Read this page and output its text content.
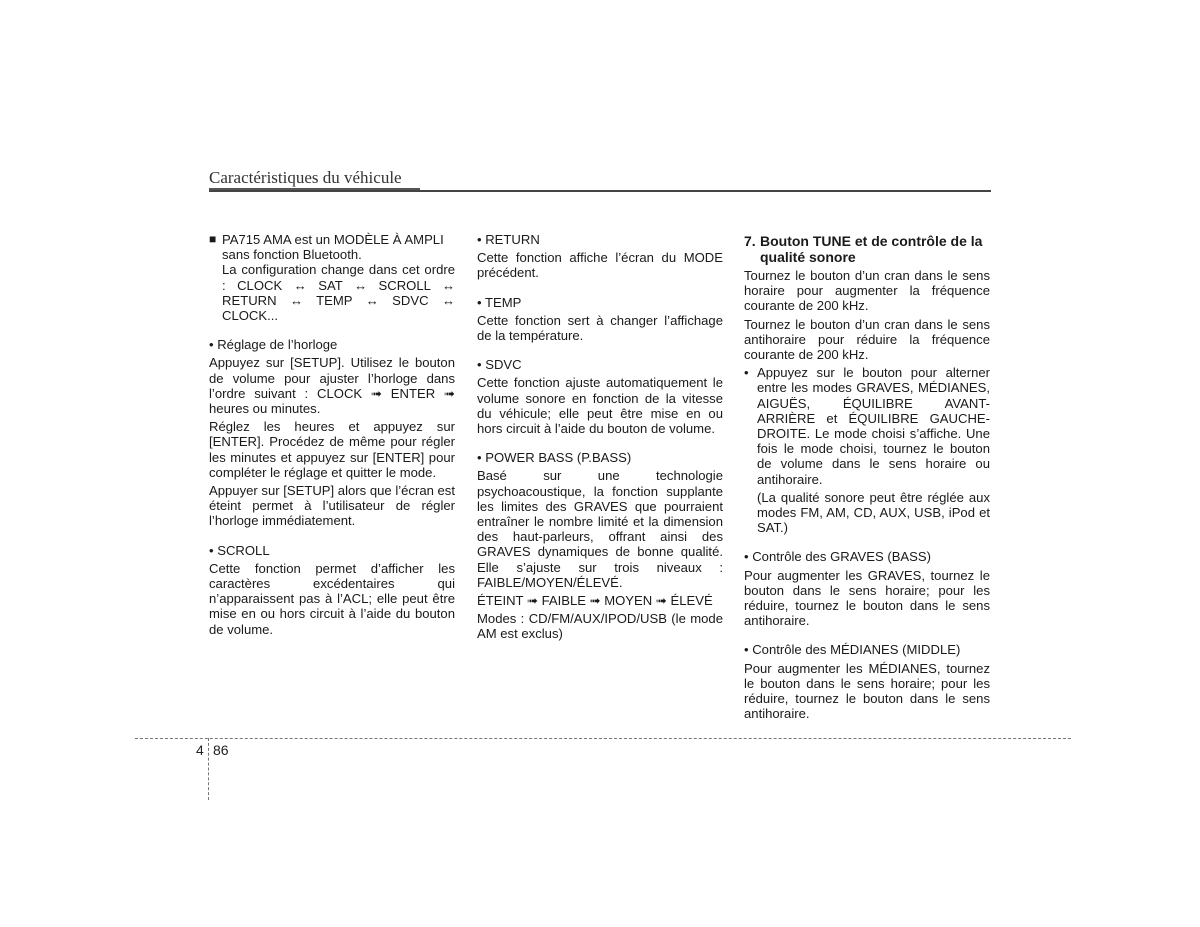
Caractéristiques du véhicule
■ PA715 AMA est un MODÈLE À AMPLI sans fonction Bluetooth.

La configuration change dans cet ordre : CLOCK ↔ SAT ↔ SCROLL ↔ RETURN ↔ TEMP ↔ SDVC ↔ CLOCK...

• Réglage de l’horloge

Appuyez sur [SETUP]. Utilisez le bouton de volume pour ajuster l’horloge dans l’ordre suivant : CLOCK ➟ ENTER ➟ heures ou minutes.

Réglez les heures et appuyez sur [ENTER]. Procédez de même pour régler les minutes et appuyez sur [ENTER] pour compléter le réglage et quitter le mode.

Appuyer sur [SETUP] alors que l’écran est éteint permet à l’utilisateur de régler l’horloge immédiatement.

• SCROLL

Cette fonction permet d’afficher les caractères excédentaires qui n’apparaissent pas à l’ACL; elle peut être mise en ou hors circuit à l’aide du bouton de volume.

• RETURN

Cette fonction affiche l’écran du MODE précédent.

• TEMP

Cette fonction sert à changer l’affichage de la température.

• SDVC

Cette fonction ajuste automatiquement le volume sonore en fonction de la vitesse du véhicule; elle peut être mise en ou hors circuit à l’aide du bouton de volume.

• POWER BASS (P.BASS)

Basé sur une technologie psychoacoustique, la fonction supplante les limites des GRAVES que pourraient entraîner le nombre limité et la dimension des haut-parleurs, offrant ainsi des GRAVES dynamiques de bonne qualité. Elle s’ajuste sur trois niveaux : FAIBLE/MOYEN/ÉLEVÉ.

ÉTEINT ➟ FAIBLE ➟ MOYEN ➟ ÉLEVÉ

Modes : CD/FM/AUX/IPOD/USB (le mode AM est exclus)

7. Bouton TUNE et de contrôle de la qualité sonore

Tournez le bouton d’un cran dans le sens horaire pour augmenter la fréquence courante de 200 kHz.

Tournez le bouton d’un cran dans le sens antihoraire pour réduire la fréquence courante de 200 kHz.

• Appuyez sur le bouton pour alterner entre les modes GRAVES, MÉDIANES, AIGUËS, ÉQUILIBRE AVANT-ARRIÈRE et ÉQUILIBRE GAUCHE-DROITE. Le mode choisi s’affiche. Une fois le mode choisi, tournez le bouton de volume dans le sens horaire ou antihoraire.

(La qualité sonore peut être réglée aux modes FM, AM, CD, AUX, USB, iPod et SAT.)

• Contrôle des GRAVES (BASS)

Pour augmenter les GRAVES, tournez le bouton dans le sens horaire; pour les réduire, tournez le bouton dans le sens antihoraire.

• Contrôle des MÉDIANES (MIDDLE)

Pour augmenter les MÉDIANES, tournez le bouton dans le sens horaire; pour les réduire, tournez le bouton dans le sens antihoraire.

4 86
